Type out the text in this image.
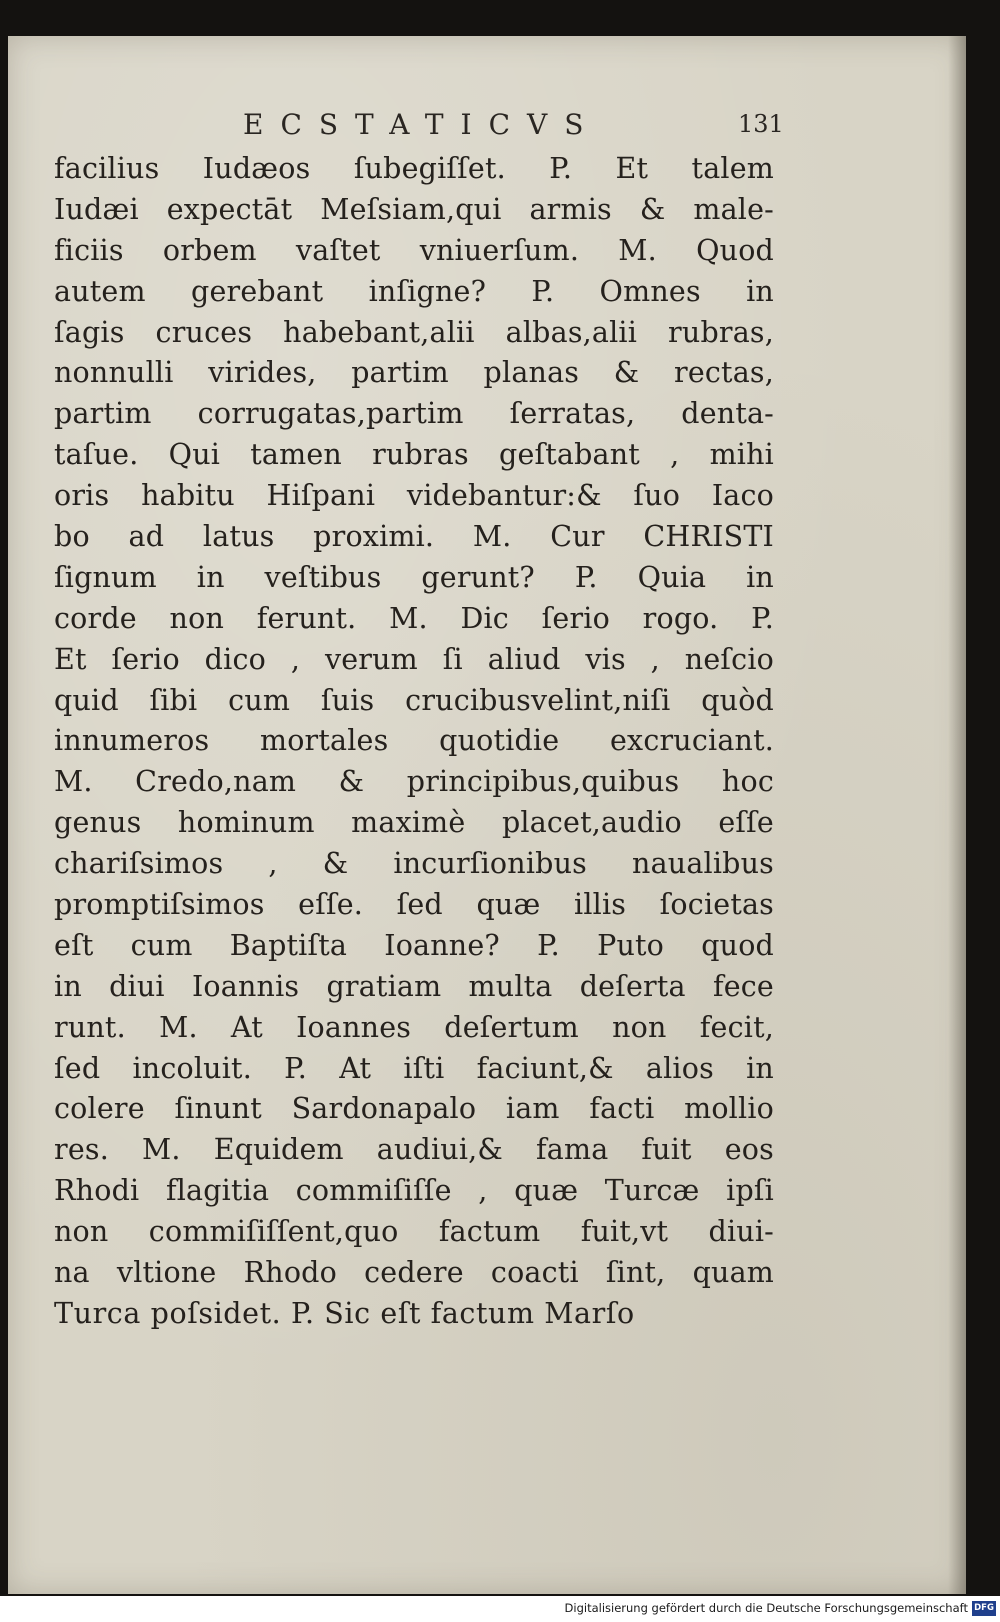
ECSTATICVS	131
facilius Iudæos ſubegiſſet. P. Et talem
Iudæi expectāt Meſsiam,qui armis & male-
ficiis orbem vaſtet vniuerſum. M. Quod
autem gerebant inſigne? P. Omnes in
ſagis cruces habebant,alii albas,alii rubras,
nonnulli virides, partim planas & rectas,
partim corrugatas,partim ſerratas, denta-
taſue. Qui tamen rubras geſtabant , mihi
oris habitu Hiſpani videbantur:& ſuo Iaco
bo ad latus proximi. M. Cur CHRISTI
ſignum in veſtibus gerunt? P. Quia in
corde non ferunt. M. Dic ſerio rogo. P.
Et ſerio dico , verum ſi aliud vis , neſcio
quid ſibi cum ſuis crucibusvelint,niſi quòd
innumeros mortales quotidie excruciant.
M. Credo,nam & principibus,quibus hoc
genus hominum maximè placet,audio eſſe
chariſsimos , & incurſionibus naualibus
promptiſsimos eſſe. ſed quæ illis ſocietas
eſt cum Baptiſta Ioanne? P. Puto quod
in diui Ioannis gratiam multa deſerta fece
runt. M. At Ioannes deſertum non fecit,
ſed incoluit. P. At iſti faciunt,& alios in
colere ſinunt Sardonapalo iam facti mollio
res. M. Equidem audiui,& fama fuit eos
Rhodi flagitia commiſiſſe , quæ Turcæ ipſi
non commiſiſſent,quo factum fuit,vt diui-
na vltione Rhodo cedere coacti ſint, quam
Turca poſsidet. P. Sic eſt factum Marſo
Digitalisierung gefördert durch die Deutsche Forschungsgemeinschaft DFG
